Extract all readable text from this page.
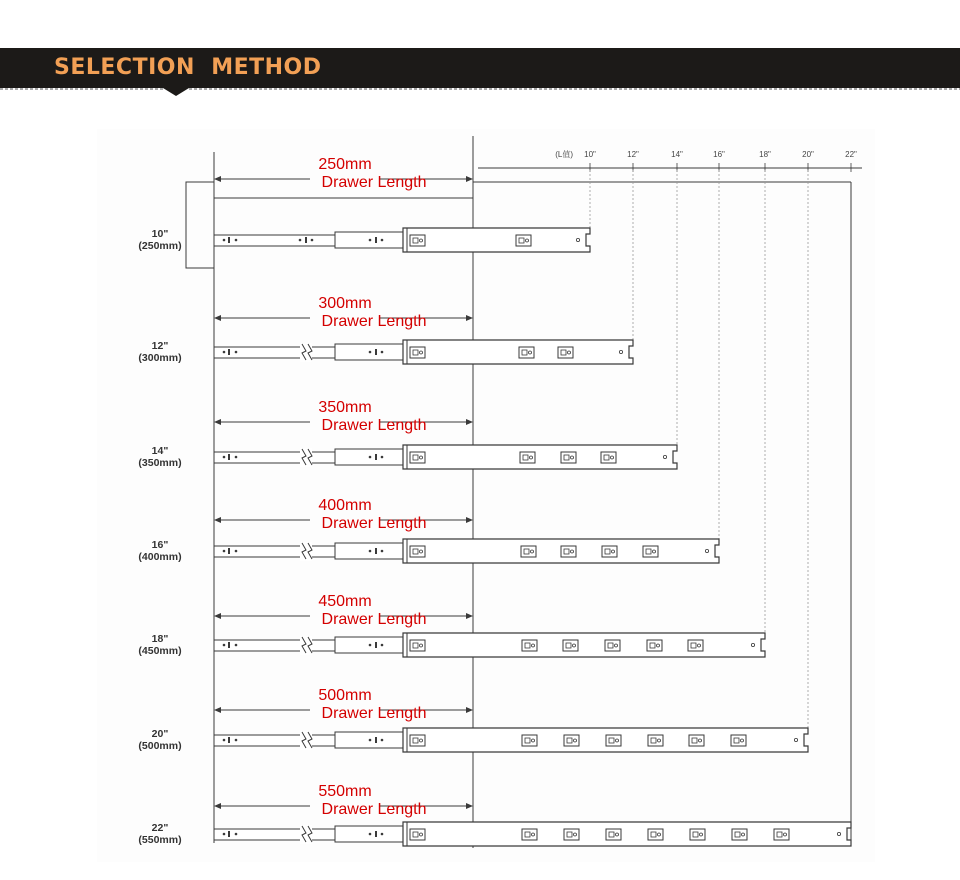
SELECTION  METHOD
(L值) 10"	12"	14"	16"	18"	20"	22"
10"
(250mm)
250mm
Drawer Length
12"
(300mm)
300mm
Drawer Length
14"
(350mm)
350mm
Drawer Length
16"
(400mm)
400mm
Drawer Length
18"
(450mm)
450mm
Drawer Length
20"
(500mm)
500mm
Drawer Length
22"
(550mm)
550mm
Drawer Length
